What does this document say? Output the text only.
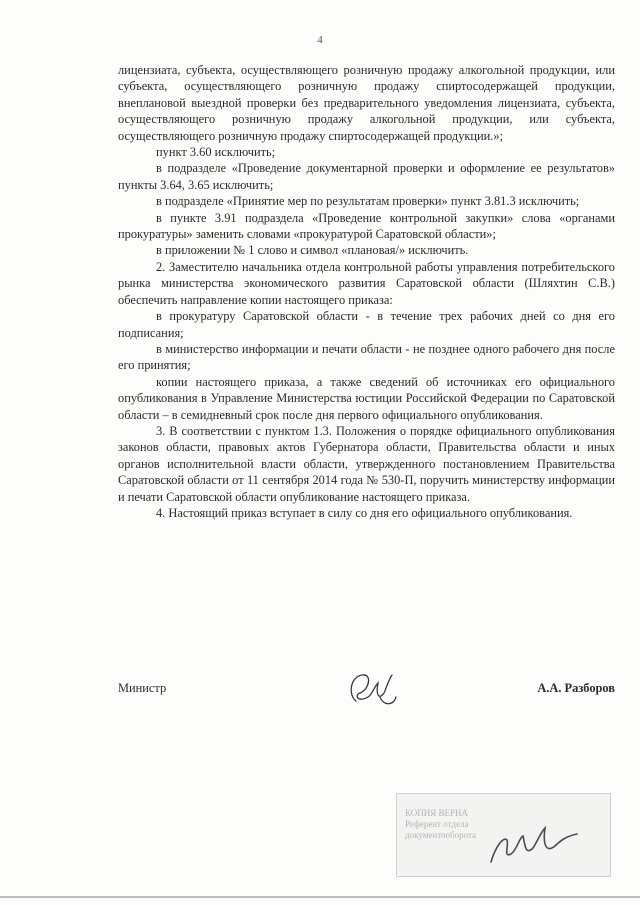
4

лицензиата, субъекта, осуществляющего розничную продажу алкогольной продукции, или субъекта, осуществляющего розничную продажу спиртосодержащей продукции, внеплановой выездной проверки без предварительного уведомления лицензиата, субъекта, осуществляющего розничную продажу алкогольной продукции, или субъекта, осуществляющего розничную продажу спиртосодержащей продукции.»;

пункт 3.60 исключить;

в подразделе «Проведение документарной проверки и оформление ее результатов» пункты 3.64, 3.65 исключить;

в подразделе «Принятие мер по результатам проверки» пункт 3.81.3 исключить;

в пункте 3.91 подраздела «Проведение контрольной закупки» слова «органами прокуратуры» заменить словами «прокуратурой Саратовской области»;

в приложении № 1 слово и символ «плановая/» исключить.

2. Заместителю начальника отдела контрольной работы управления потребительского рынка министерства экономического развития Саратовской области (Шляхтин С.В.) обеспечить направление копии настоящего приказа:

в прокуратуру Саратовской области - в течение трех рабочих дней со дня его подписания;

в министерство информации и печати области - не позднее одного рабочего дня после его принятия;

копии настоящего приказа, а также сведений об источниках его официального опубликования в Управление Министерства юстиции Российской Федерации по Саратовской области – в семидневный срок после дня первого официального опубликования.

3. В соответствии с пунктом 1.3. Положения о порядке официального опубликования законов области, правовых актов Губернатора области, Правительства области и иных органов исполнительной власти области, утвержденного постановлением Правительства Саратовской области от 11 сентября 2014 года № 530-П, поручить министерству информации и печати Саратовской области опубликование настоящего приказа.

4. Настоящий приказ вступает в силу со дня его официального опубликования.

Министр	А.А. Разборов
КОПИЯ ВЕРНА
Референт отдела
документооборота
